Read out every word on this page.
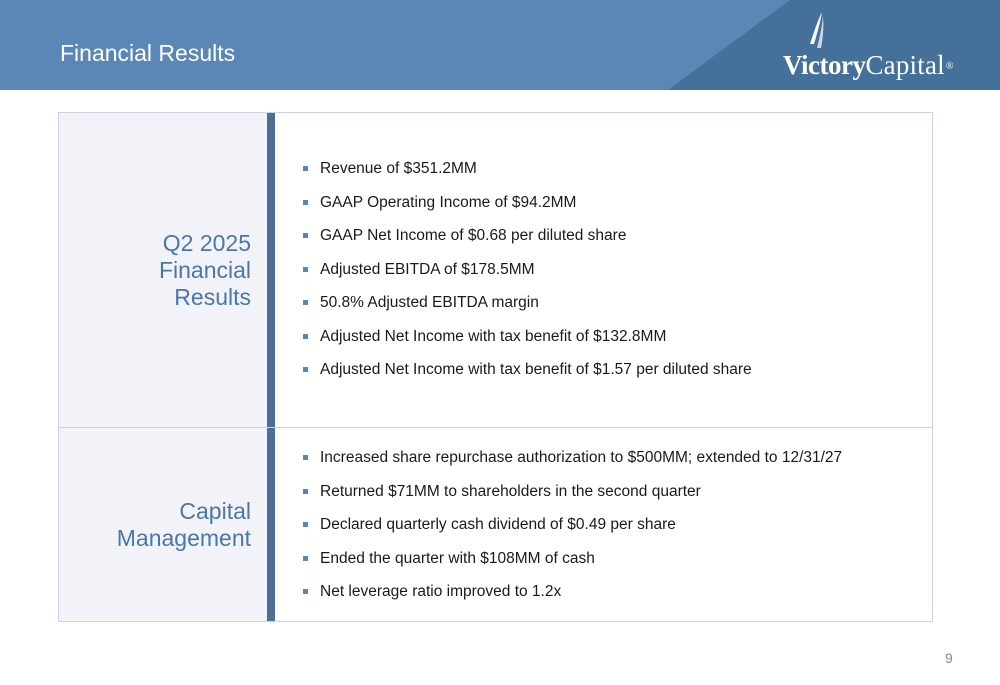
Financial Results	VictoryCapital®
Q2 2025
Financial
Results
Revenue of $351.2MM
GAAP Operating Income of $94.2MM
GAAP Net Income of $0.68 per diluted share
Adjusted EBITDA of $178.5MM
50.8% Adjusted EBITDA margin
Adjusted Net Income with tax benefit of $132.8MM
Adjusted Net Income with tax benefit of $1.57 per diluted share
Capital
Management
Increased share repurchase authorization to $500MM; extended to 12/31/27
Returned $71MM to shareholders in the second quarter
Declared quarterly cash dividend of $0.49 per share
Ended the quarter with $108MM of cash
Net leverage ratio improved to 1.2x
9
